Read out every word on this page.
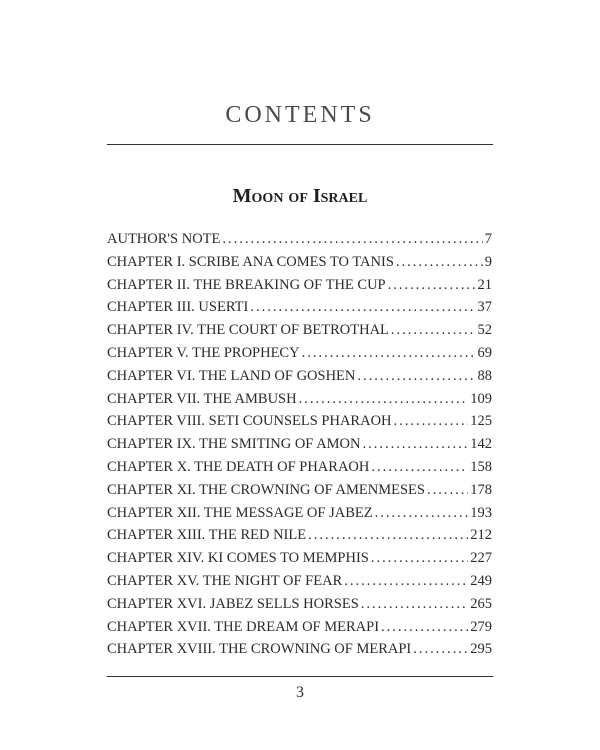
CONTENTS
Moon of Israel
AUTHOR'S NOTE .....	7
CHAPTER I. SCRIBE ANA COMES TO TANIS .....	9
CHAPTER II. THE BREAKING OF THE CUP .....	21
CHAPTER III. USERTI .....	37
CHAPTER IV. THE COURT OF BETROTHAL .....	52
CHAPTER V. THE PROPHECY .....	69
CHAPTER VI. THE LAND OF GOSHEN .....	88
CHAPTER VII. THE AMBUSH .....	109
CHAPTER VIII. SETI COUNSELS PHARAOH .....	125
CHAPTER IX. THE SMITING OF AMON .....	142
CHAPTER X. THE DEATH OF PHARAOH .....	158
CHAPTER XI. THE CROWNING OF AMENMESES .....	178
CHAPTER XII. THE MESSAGE OF JABEZ .....	193
CHAPTER XIII. THE RED NILE .....	212
CHAPTER XIV. KI COMES TO MEMPHIS .....	227
CHAPTER XV. THE NIGHT OF FEAR .....	249
CHAPTER XVI. JABEZ SELLS HORSES .....	265
CHAPTER XVII. THE DREAM OF MERAPI .....	279
CHAPTER XVIII. THE CROWNING OF MERAPI .....	295
3
